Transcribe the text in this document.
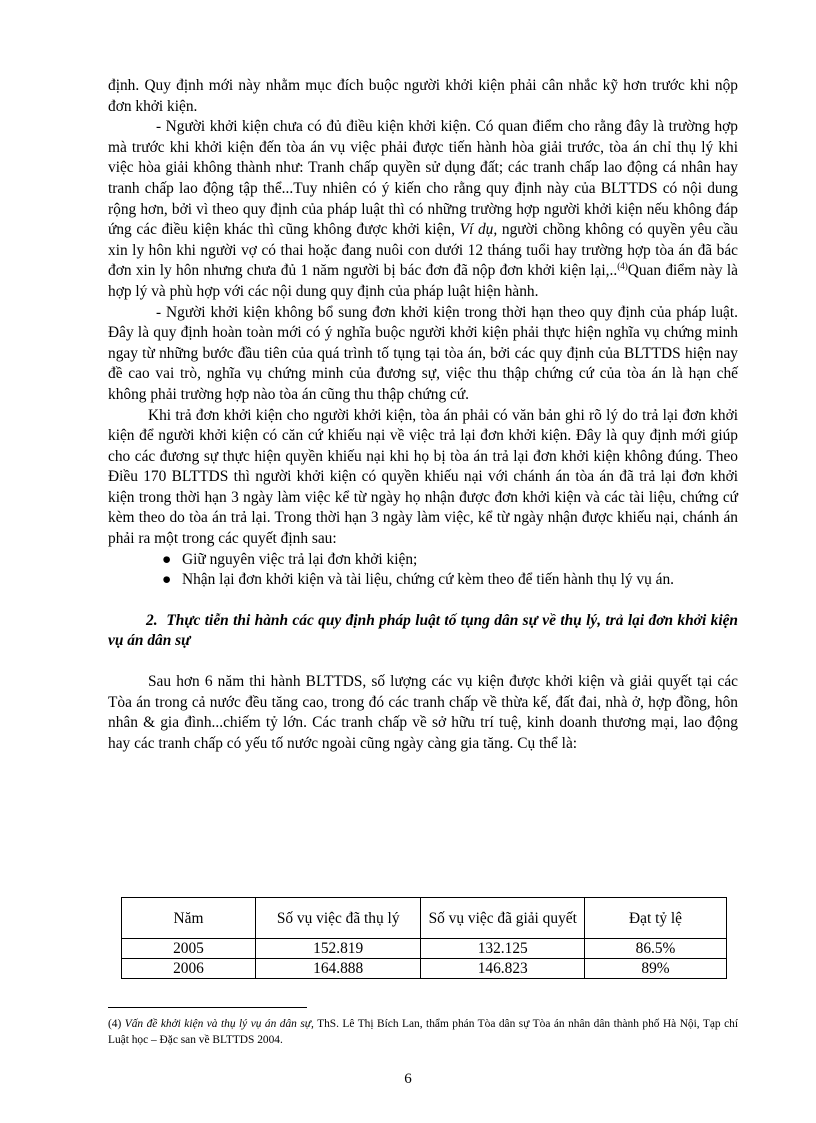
định. Quy định mới này nhằm mục đích buộc người khởi kiện phải cân nhắc kỹ hơn trước khi nộp đơn khởi kiện.

- Người khởi kiện chưa có đủ điều kiện khởi kiện. Có quan điểm cho rằng đây là trường hợp mà trước khi khởi kiện đến tòa án vụ việc phải được tiến hành hòa giải trước, tòa án chỉ thụ lý khi việc hòa giải không thành như: Tranh chấp quyền sử dụng đất; các tranh chấp lao động cá nhân hay tranh chấp lao động tập thể...Tuy nhiên có ý kiến cho rằng quy định này của BLTTDS có nội dung rộng hơn, bởi vì theo quy định của pháp luật thì có những trường hợp người khởi kiện nếu không đáp ứng các điều kiện khác thì cũng không được khởi kiện, Ví dụ, người chồng không có quyền yêu cầu xin ly hôn khi người vợ có thai hoặc đang nuôi con dưới 12 tháng tuổi hay trường hợp tòa án đã bác đơn xin ly hôn nhưng chưa đủ 1 năm người bị bác đơn đã nộp đơn khởi kiện lại,..$^{(4)}$Quan điểm này là hợp lý và phù hợp với các nội dung quy định của pháp luật hiện hành.

- Người khởi kiện không bổ sung đơn khởi kiện trong thời hạn theo quy định của pháp luật. Đây là quy định hoàn toàn mới có ý nghĩa buộc người khởi kiện phải thực hiện nghĩa vụ chứng minh ngay từ những bước đầu tiên của quá trình tố tụng tại tòa án, bởi các quy định của BLTTDS hiện nay đề cao vai trò, nghĩa vụ chứng minh của đương sự, việc thu thập chứng cứ của tòa án là hạn chế không phải trường hợp nào tòa án cũng thu thập chứng cứ.

Khi trả đơn khởi kiện cho người khởi kiện, tòa án phải có văn bản ghi rõ lý do trả lại đơn khởi kiện để người khởi kiện có căn cứ khiếu nại về việc trả lại đơn khởi kiện. Đây là quy định mới giúp cho các đương sự thực hiện quyền khiếu nại khi họ bị tòa án trả lại đơn khởi kiện không đúng. Theo Điều 170 BLTTDS thì người khởi kiện có quyền khiếu nại với chánh án tòa án đã trả lại đơn khởi kiện trong thời hạn 3 ngày làm việc kể từ ngày họ nhận được đơn khởi kiện và các tài liệu, chứng cứ kèm theo do tòa án trả lại. Trong thời hạn 3 ngày làm việc, kể từ ngày nhận được khiếu nại, chánh án phải ra một trong các quyết định sau:

● Giữ nguyên việc trả lại đơn khởi kiện;
● Nhận lại đơn khởi kiện và tài liệu, chứng cứ kèm theo để tiến hành thụ lý vụ án.

2. Thực tiễn thi hành các quy định pháp luật tố tụng dân sự về thụ lý, trả lại đơn khởi kiện vụ án dân sự

Sau hơn 6 năm thi hành BLTTDS, số lượng các vụ kiện được khởi kiện và giải quyết tại các Tòa án trong cả nước đều tăng cao, trong đó các tranh chấp về thừa kế, đất đai, nhà ở, hợp đồng, hôn nhân & gia đình...chiếm tỷ lớn. Các tranh chấp về sở hữu trí tuệ, kinh doanh thương mại, lao động hay các tranh chấp có yếu tố nước ngoài cũng ngày càng gia tăng. Cụ thể là:

Năm	Số vụ việc đã thụ lý	Số vụ việc đã giải quyết	Đạt tỷ lệ
2005	152.819	132.125	86.5%
2006	164.888	146.823	89%
(4) Vấn đề khởi kiện và thụ lý vụ án dân sự, ThS. Lê Thị Bích Lan, thẩm phán Tòa dân sự Tòa án nhân dân thành phố Hà Nội, Tạp chí Luật học – Đặc san về BLTTDS 2004.
6
